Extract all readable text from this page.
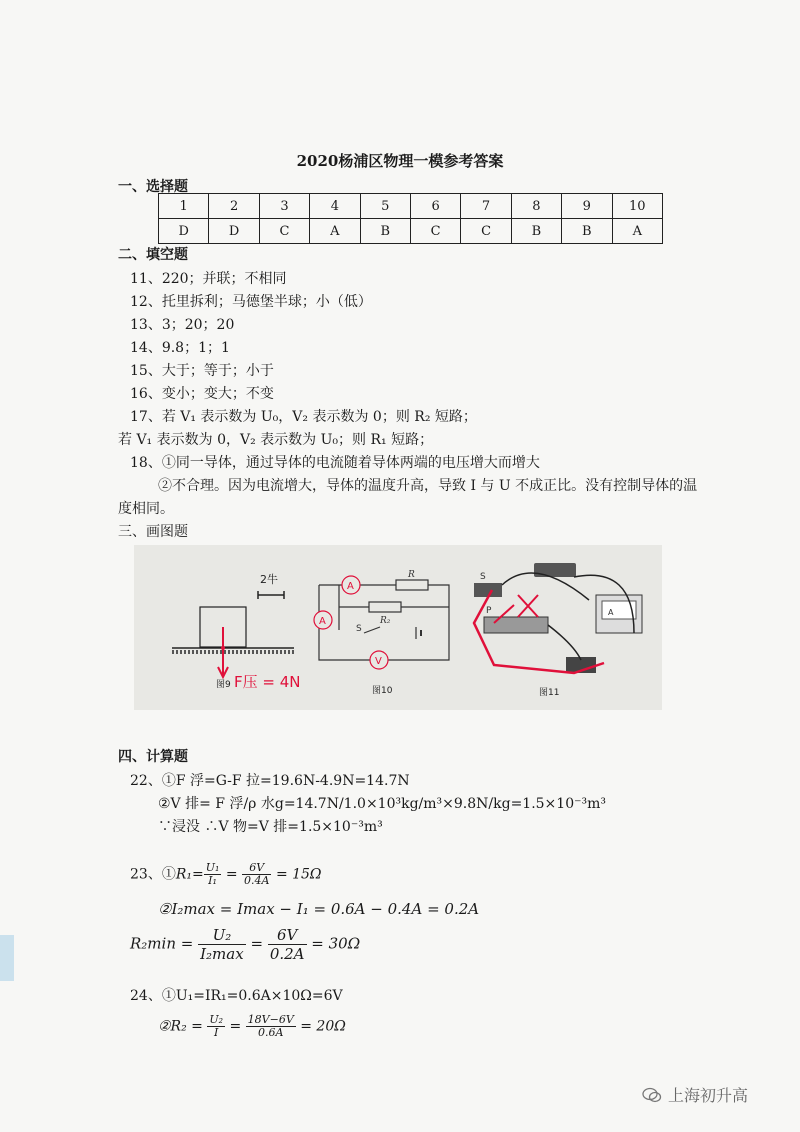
2020杨浦区物理一模参考答案
一、选择题
1	2	3	4	5	6	7	8	9	10
D	D	C	A	B	C	C	B	B	A
二、填空题
11、220；并联；不相同
12、托里拆利；马德堡半球；小（低）
13、3；20；20
14、9.8；1；1
15、大于；等于；小于
16、变小；变大；不变
17、若 V₁ 表示数为 U₀，V₂ 表示数为 0；则 R₂ 短路；
若 V₁ 表示数为 0，V₂ 表示数为 U₀；则 R₁ 短路；
18、①同一导体，通过导体的电流随着导体两端的电压增大而增大
②不合理。因为电流增大，导体的温度升高，导致 I 与 U 不成正比。没有控制导体的温
度相同。
三、画图题
2牛
图9 F压 = 4N
A
A
V
R
R₂
S
图10
A
S
P
图11
四、计算题
22、①F 浮=G-F 拉=19.6N-4.9N=14.7N
②V 排= F 浮/ρ 水g=14.7N/1.0×10³kg/m³×9.8N/kg=1.5×10⁻³m³
∵浸没 ∴V 物=V 排=1.5×10⁻³m³
23、①R₁= $\frac{\text{U₁}}{\text{I₁}} = \frac{6V}{0.4A} = 15\Omega$
②I₂max = Imax − I₁ = 0.6A − 0.4A = 0.2A
$R_2\min = \frac{\text{U₂}}{\text{I₂max}} = \frac{6V}{0.2A} = 30\Omega$
24、①U₁=IR₁=0.6A×10Ω=6V
②R₂ = $\frac{\text{U₂}}{I} = \frac{18V-6V}{0.6A} = 20\Omega$
上海初升高
